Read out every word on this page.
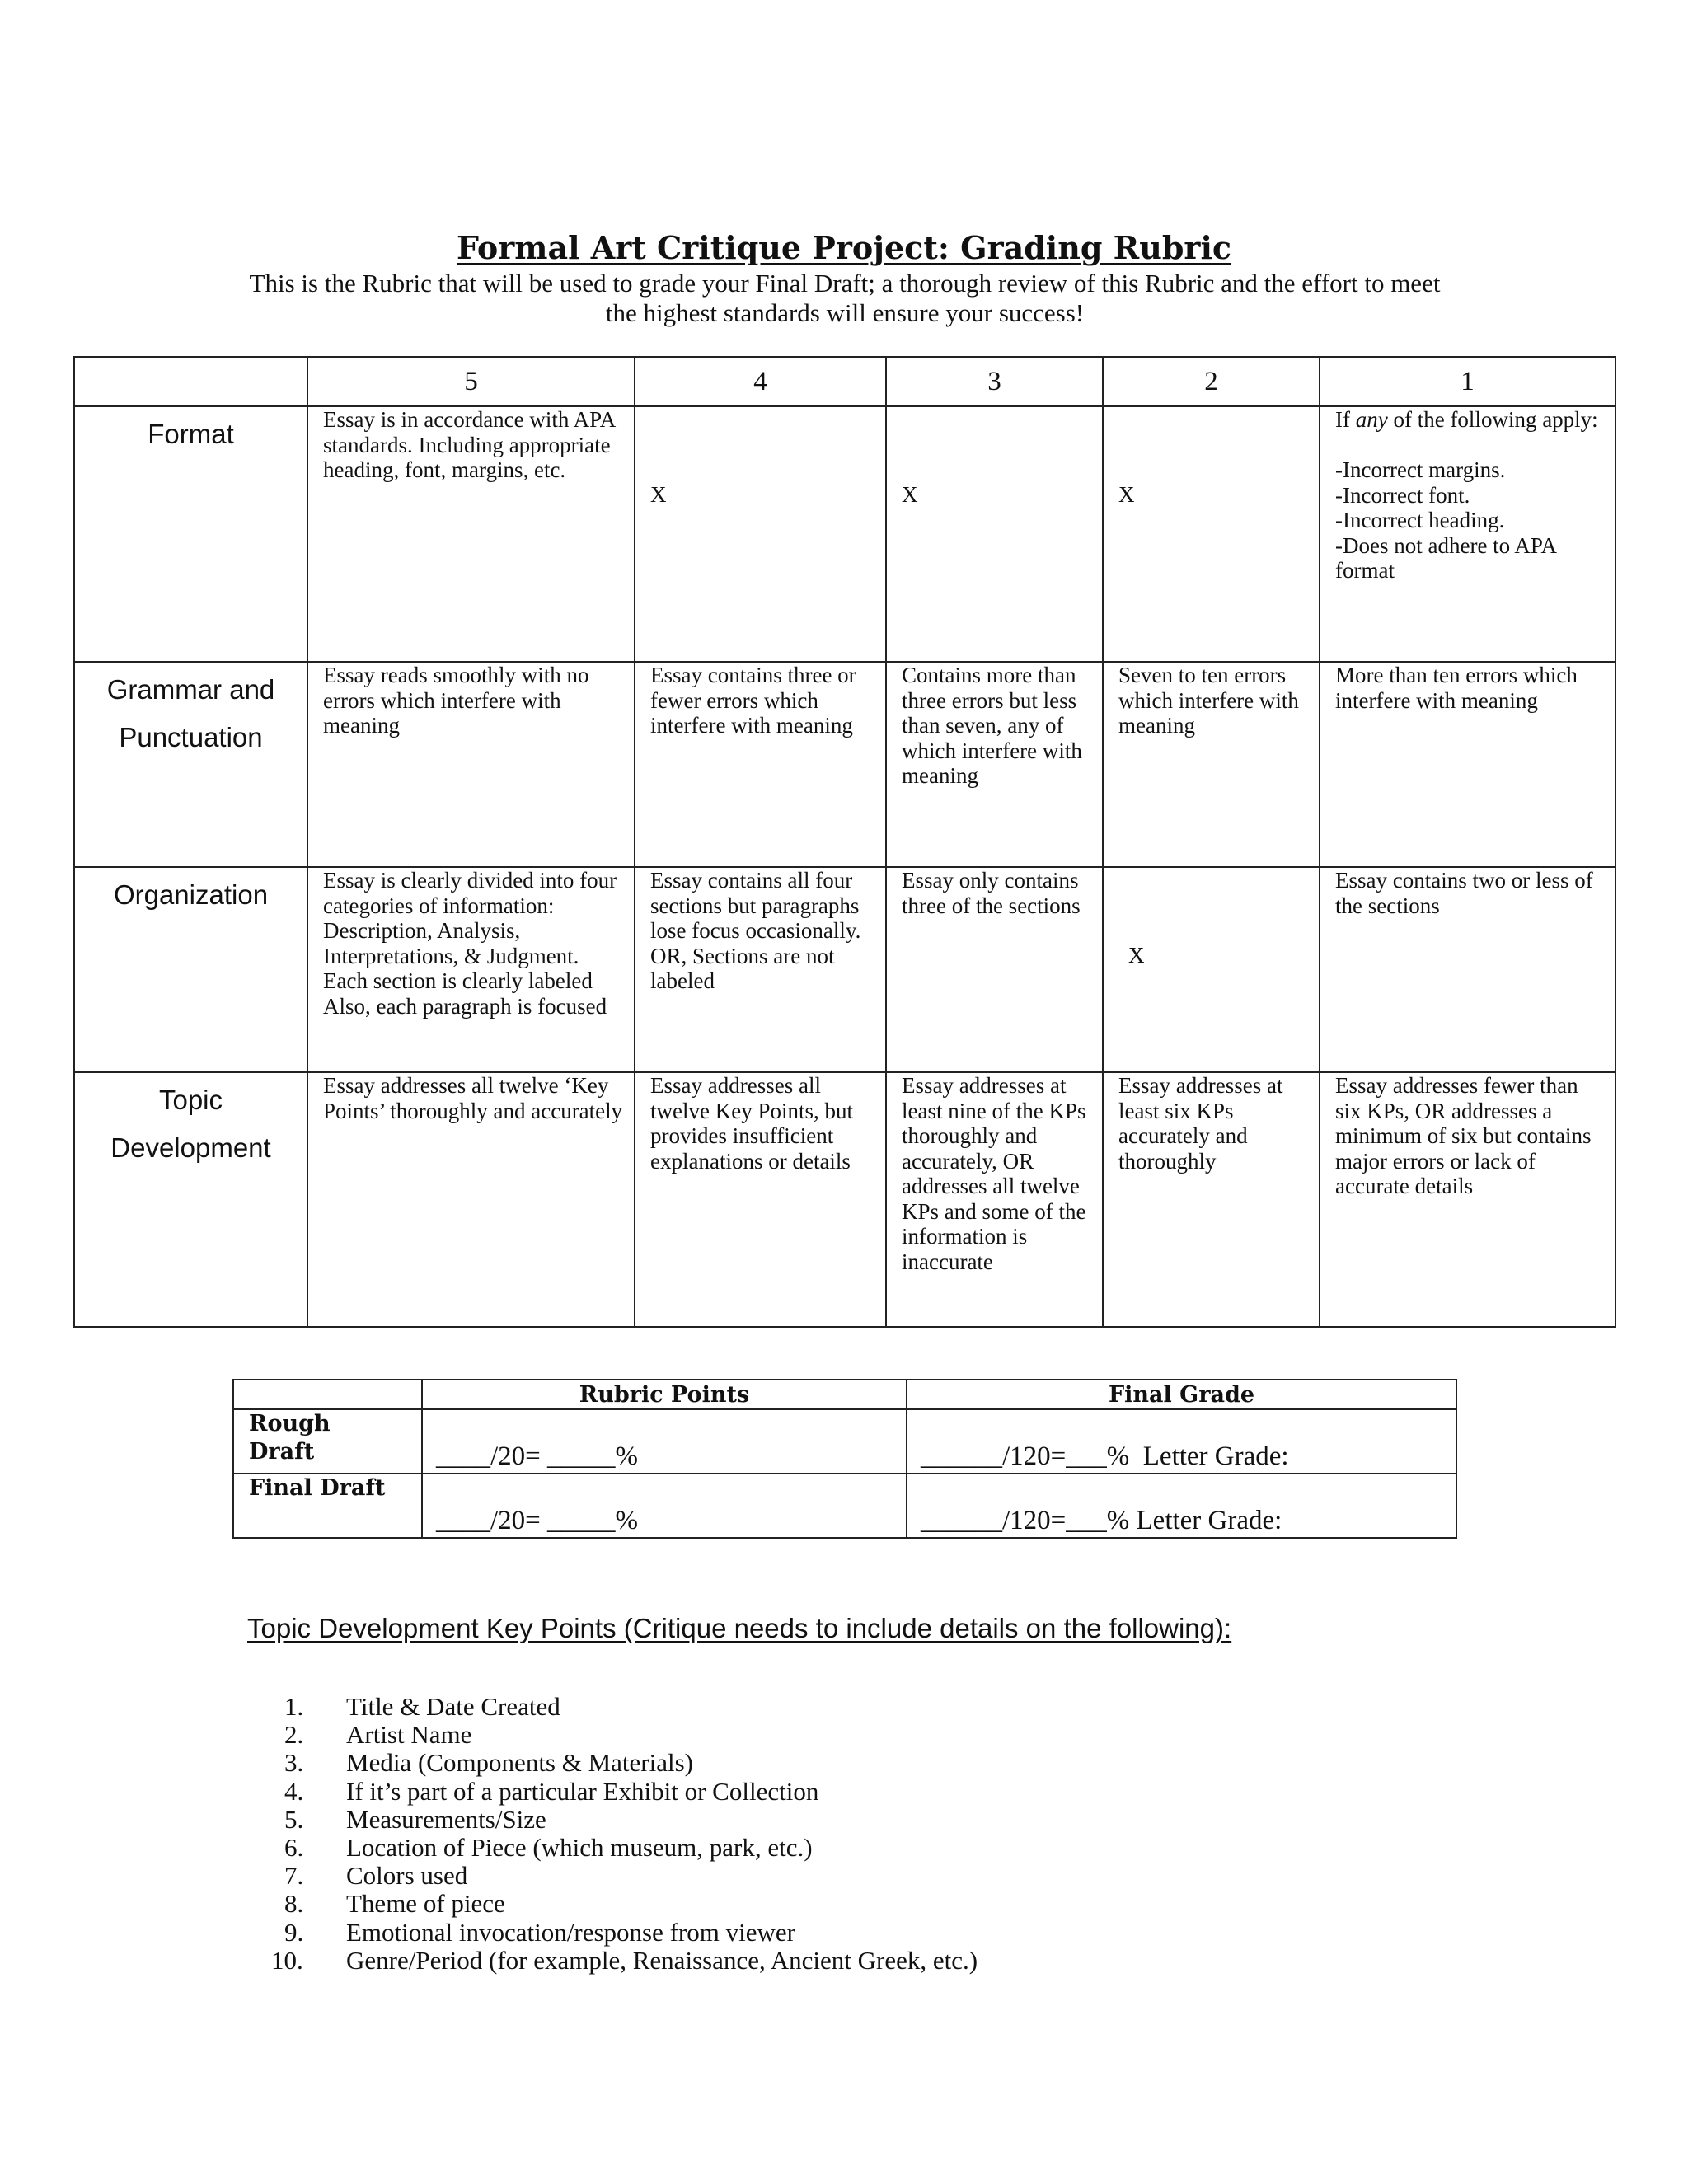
Formal Art Critique Project: Grading Rubric
This is the Rubric that will be used to grade your Final Draft; a thorough review of this Rubric and the effort to meet the highest standards will ensure your success!
	5	4	3	2	1
Format	Essay is in accordance with APA standards. Including appropriate heading, font, margins, etc.	X	X	X	If any of the following apply:

-Incorrect margins.
-Incorrect font.
-Incorrect heading.
-Does not adhere to APA format
Grammar and Punctuation	Essay reads smoothly with no errors which interfere with meaning	Essay contains three or fewer errors which interfere with meaning	Contains more than three errors but less than seven, any of which interfere with meaning	Seven to ten errors which interfere with meaning	More than ten errors which interfere with meaning
Organization	Essay is clearly divided into four categories of information: Description, Analysis, Interpretations, & Judgment. Each section is clearly labeled Also, each paragraph is focused	Essay contains all four sections but paragraphs lose focus occasionally.
OR, Sections are not labeled	Essay only contains three of the sections	X	Essay contains two or less of the sections
Topic Development	Essay addresses all twelve ‘Key Points’ thoroughly and accurately	Essay addresses all twelve Key Points, but provides insufficient explanations or details	Essay addresses at least nine of the KPs thoroughly and accurately, OR addresses all twelve KPs and some of the information is inaccurate	Essay addresses at least six KPs accurately and thoroughly	Essay addresses fewer than six KPs, OR addresses a minimum of six but contains major errors or lack of accurate details
	Rubric Points	Final Grade
Rough
Draft	____/20= _____%	______/120=___%  Letter Grade:
Final Draft	____/20= _____%	______/120=___% Letter Grade:
Topic Development Key Points (Critique needs to include details on the following):
1.	Title & Date Created
2.	Artist Name
3.	Media (Components & Materials)
4.	If it’s part of a particular Exhibit or Collection
5.	Measurements/Size
6.	Location of Piece (which museum, park, etc.)
7.	Colors used
8.	Theme of piece
9.	Emotional invocation/response from viewer
10.	Genre/Period (for example, Renaissance, Ancient Greek, etc.)
